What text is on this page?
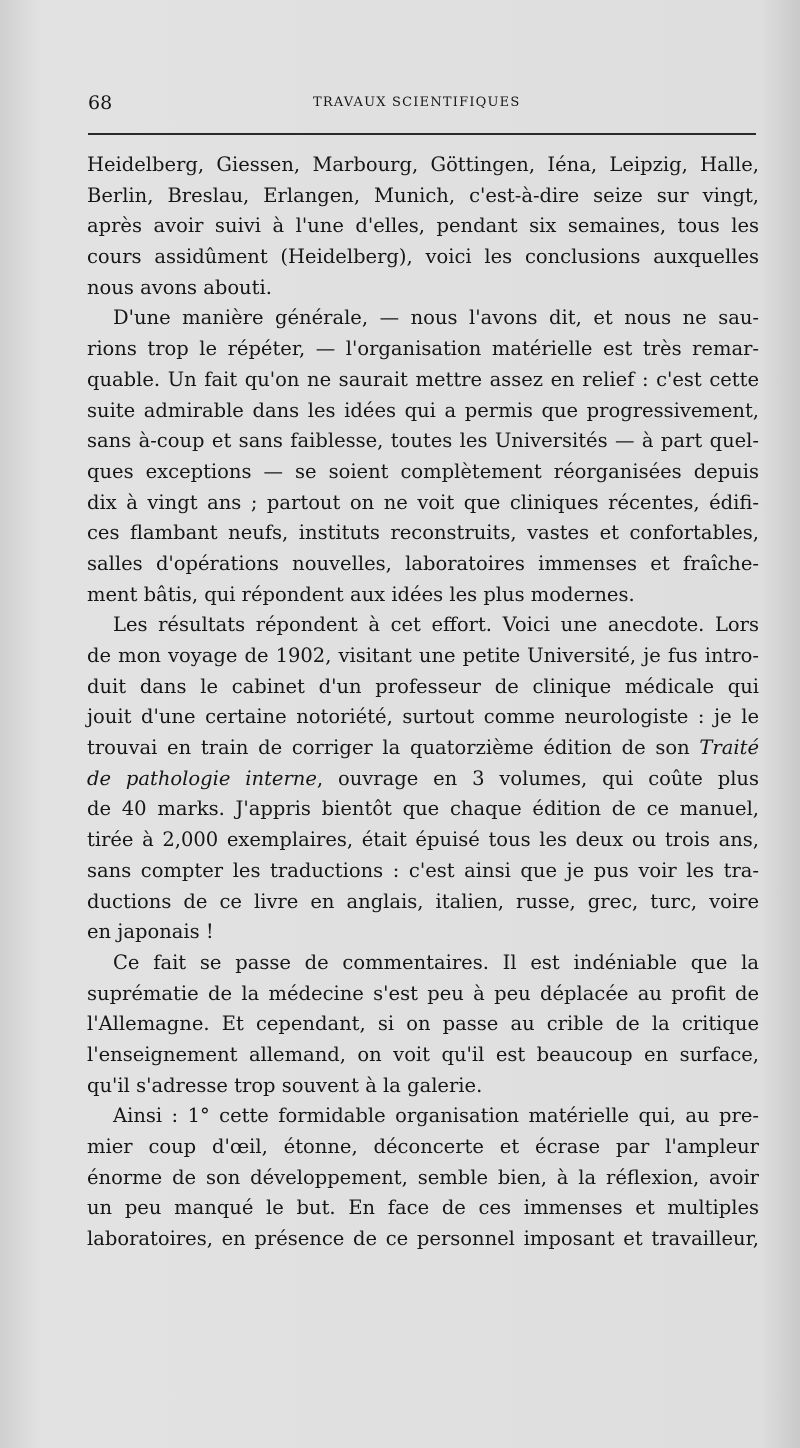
68	TRAVAUX SCIENTIFIQUES
Heidelberg, Giessen, Marbourg, Göttingen, Iéna, Leipzig, Halle,
Berlin, Breslau, Erlangen, Munich, c'est-à-dire seize sur vingt,
après avoir suivi à l'une d'elles, pendant six semaines, tous les
cours assidûment (Heidelberg), voici les conclusions auxquelles
nous avons abouti.
D'une manière générale, — nous l'avons dit, et nous ne sau-
rions trop le répéter, — l'organisation matérielle est très remar-
quable. Un fait qu'on ne saurait mettre assez en relief : c'est cette
suite admirable dans les idées qui a permis que progressivement,
sans à-coup et sans faiblesse, toutes les Universités — à part quel-
ques exceptions — se soient complètement réorganisées depuis
dix à vingt ans ; partout on ne voit que cliniques récentes, édifi-
ces flambant neufs, instituts reconstruits, vastes et confortables,
salles d'opérations nouvelles, laboratoires immenses et fraîche-
ment bâtis, qui répondent aux idées les plus modernes.
Les résultats répondent à cet effort. Voici une anecdote. Lors
de mon voyage de 1902, visitant une petite Université, je fus intro-
duit dans le cabinet d'un professeur de clinique médicale qui
jouit d'une certaine notoriété, surtout comme neurologiste : je le
trouvai en train de corriger la quatorzième édition de son Traité
de pathologie interne, ouvrage en 3 volumes, qui coûte plus
de 40 marks. J'appris bientôt que chaque édition de ce manuel,
tirée à 2,000 exemplaires, était épuisé tous les deux ou trois ans,
sans compter les traductions : c'est ainsi que je pus voir les tra-
ductions de ce livre en anglais, italien, russe, grec, turc, voire
en japonais !
Ce fait se passe de commentaires. Il est indéniable que la
suprématie de la médecine s'est peu à peu déplacée au profit de
l'Allemagne. Et cependant, si on passe au crible de la critique
l'enseignement allemand, on voit qu'il est beaucoup en surface,
qu'il s'adresse trop souvent à la galerie.
Ainsi : 1° cette formidable organisation matérielle qui, au pre-
mier coup d'œil, étonne, déconcerte et écrase par l'ampleur
énorme de son développement, semble bien, à la réflexion, avoir
un peu manqué le but. En face de ces immenses et multiples
laboratoires, en présence de ce personnel imposant et travailleur,
